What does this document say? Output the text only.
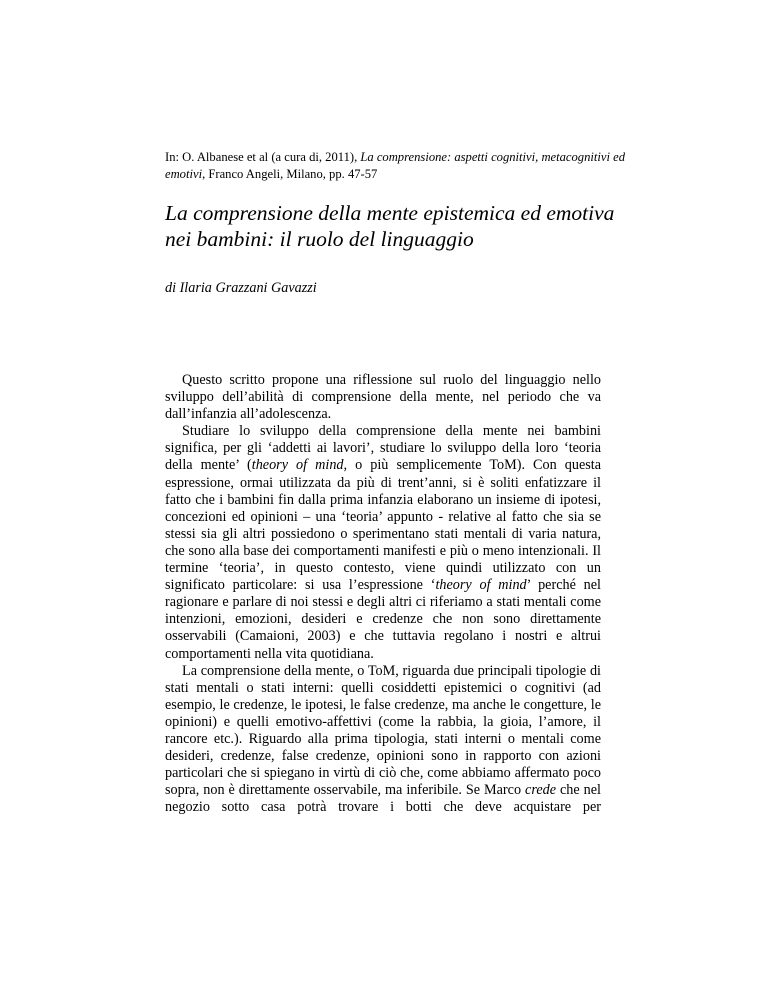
In: O. Albanese et al (a cura di, 2011), La comprensione: aspetti cognitivi, metacognitivi ed emotivi, Franco Angeli, Milano, pp. 47-57
La comprensione della mente epistemica ed emotiva nei bambini: il ruolo del linguaggio
di Ilaria Grazzani Gavazzi

Questo scritto propone una riflessione sul ruolo del linguaggio nello sviluppo dell’abilità di comprensione della mente, nel periodo che va dall’infanzia all’adolescenza.

Studiare lo sviluppo della comprensione della mente nei bambini significa, per gli ‘addetti ai lavori’, studiare lo sviluppo della loro ‘teoria della mente’ (theory of mind, o più semplicemente ToM). Con questa espressione, ormai utilizzata da più di trent’anni, si è soliti enfatizzare il fatto che i bambini fin dalla prima infanzia elaborano un insieme di ipotesi, concezioni ed opinioni – una ‘teoria’ appunto - relative al fatto che sia se stessi sia gli altri possiedono o sperimentano stati mentali di varia natura, che sono alla base dei comportamenti manifesti e più o meno intenzionali. Il termine ‘teoria’, in questo contesto, viene quindi utilizzato con un significato particolare: si usa l’espressione ‘theory of mind’ perché nel ragionare e parlare di noi stessi e degli altri ci riferiamo a stati mentali come intenzioni, emozioni, desideri e credenze che non sono direttamente osservabili (Camaioni, 2003) e che tuttavia regolano i nostri e altrui comportamenti nella vita quotidiana.

La comprensione della mente, o ToM, riguarda due principali tipologie di stati mentali o stati interni: quelli cosiddetti epistemici o cognitivi (ad esempio, le credenze, le ipotesi, le false credenze, ma anche le congetture, le opinioni) e quelli emotivo-affettivi (come la rabbia, la gioia, l’amore, il rancore etc.). Riguardo alla prima tipologia, stati interni o mentali come desideri, credenze, false credenze, opinioni sono in rapporto con azioni particolari che si spiegano in virtù di ciò che, come abbiamo affermato poco sopra, non è direttamente osservabile, ma inferibile. Se Marco crede che nel negozio sotto casa potrà trovare i botti che deve acquistare per
